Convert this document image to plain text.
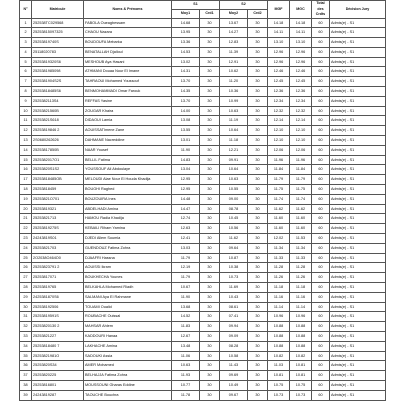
N°	Matricule	Noms & Prénoms	S1		S2		MGF	MGC	Total des Crdts	Décision Jury
			Moy1	Crd1	Moy2	Crd2				
1	252538TC029568	FABOLA Oueagbessam	14.68	30	13.67	30	14.18	14.18	60	Admis(e) - S1
2	25253815097325	CHAOU Nazara	13.95	30	14.27	30	14.11	14.11	60	Admis(e) - S1
3	25253819740S	BOUDOUFA Mebarka	13.36	30	12.83	30	13.10	13.10	60	Admis(e) - S1
4	25118020783	BENATALLAH Djalloul	14.53	30	11.39	30	12.96	12.96	60	Admis(e) - S1
5	25253819320S6	MESHOUB Aya Hasani	13.02	30	12.91	30	12.96	12.96	60	Admis(e) - S1
6	2525381985098	ATHMANI Douaa Nour El Imane	14.31	30	10.62	30	12.46	12.46	60	Admis(e) - S1
7	2525381904S2S	TAHRAOUI Mohamed Youssouf	13.70	30	11.20	30	12.45	12.45	60	Admis(e) - S1
8	25253818485S6	BENMOHAMMADI Omar Farouk	14.35	30	10.36	30	12.36	12.36	60	Admis(e) - S1
9	2525382113S4	REFFAS Yasine	13.70	30	10.99	30	12.34	12.34	60	Admis(e) - S1
10	25253821560B	ZOUGAR Khaira	14.00	30	10.63	30	12.32	12.32	60	Admis(e) - S1
11	25253821S618	DIDAOUI Lamia	13.08	30	11.19	30	12.14	12.14	60	Admis(e) - S1
12	25253819846 2	AOUISSATImene Zane	13.55	30	10.64	30	12.10	12.10	60	Admis(e) - S1
13	2S0680262626	DAHMANE Nacreddine	13.01	30	11.18	30	12.10	12.10	60	Admis(e) - S1
14	25253817850B	NAAR Yousef	11.90	30	12.21	30	12.06	12.06	60	Admis(e) - S1
15	2525382017O1	BELLIL Fatima	14.83	30	09.91	30	11.96	11.96	60	Admis(e) - S1
16	25253820S1S2	YOUSSOUF Ali Abdoulaye	13.04	30	10.64	30	11.84	11.84	60	Admis(e) - S1
17	25253818485OB	MELOUDI Alae Nour El Houda Khadija	12.95	30	10.63	30	11.79	11.79	60	Admis(e) - S1
18	25253818459	BOUGHI Raghed	12.95	30	10.55	30	11.75	11.75	60	Admis(e) - S1
19	25253821O701	BOUZOUIRA Ines	14.48	30	09.00	30	11.74	11.74	60	Admis(e) - S1
20	25253819321	ABDELHADI Amina	14.47	30	08.78	30	11.62	11.62	60	Admis(e) - S1
21	25253821713	HAMOU Radia Khadija	12.74	30	10.45	30	11.60	11.60	60	Admis(e) - S1
22	25253819275S	KEBAILI Riham Yamina	12.63	30	10.56	30	11.60	11.60	60	Admis(e) - S1
23	24243819S01	DJEDI Allem Soumia	12.41	30	11.62	30	12.02	11.53	60	Admis(e) - S1
24	25253821703	GUENDOUZ Fatima Zohra	13.03	30	09.64	30	11.34	11.34	60	Admis(e) - S1
25	2O2038O464O0	DJAAFRI Hassna	11.79	30	10.87	30	11.33	11.33	60	Admis(e) - S1
26	25253823791 2	AOUISSI Ikram	12.19	30	10.38	30	11.28	11.28	60	Admis(e) - S1
27	25253817071	BOUKHECHA Younes	11.79	30	10.73	30	11.26	11.26	60	Admis(e) - S1
28	25253819765	BELKAHLA Mohamed Riadh	10.67	30	11.69	30	11.18	11.18	60	Admis(e) - S1
29	2425381870S6	SALMANI Aya El Rahmane	11.90	30	10.43	30	11.16	11.16	60	Admis(e) - S1
30	252538192506	TOUAMI Oualid	13.68	30	08.61	30	11.14	11.14	60	Admis(e) - S1
31	25253819591S	ROUBACHE Ouissal	14.52	30	07.41	30	10.96	10.96	60	Admis(e) - S1
32	25253820130 2	MAHSAR Ahlem	11.83	30	09.94	30	10.88	10.88	60	Admis(e) - S1
33	25253821227	KADDOURI Hanaa	12.67	30	09.09	30	10.88	10.88	60	Admis(e) - S1
34	25253818480 7	LAKHACHE Amina	13.48	30	08.28	30	10.88	10.88	60	Admis(e) - S1
35	25253821981O	SADOUKI Assia	11.06	30	10.58	30	10.82	10.82	60	Admis(e) - S1
36	25253820S34	AMER Mohamed	10.63	30	11.43	30	11.03	10.81	60	Admis(e) - S1
37	25253820225	BELHAJJA Fatima Zohra	11.93	30	09.69	30	10.81	10.81	60	Admis(e) - S1
38	25253816801	MOUSSOUNI Gharas Eddine	10.77	30	10.49	30	10.75	10.75	60	Admis(e) - S1
39	24243819287	TAOUCHE Bouchra	11.78	30	09.67	30	10.73	10.73	60	Admis(e) - S1
